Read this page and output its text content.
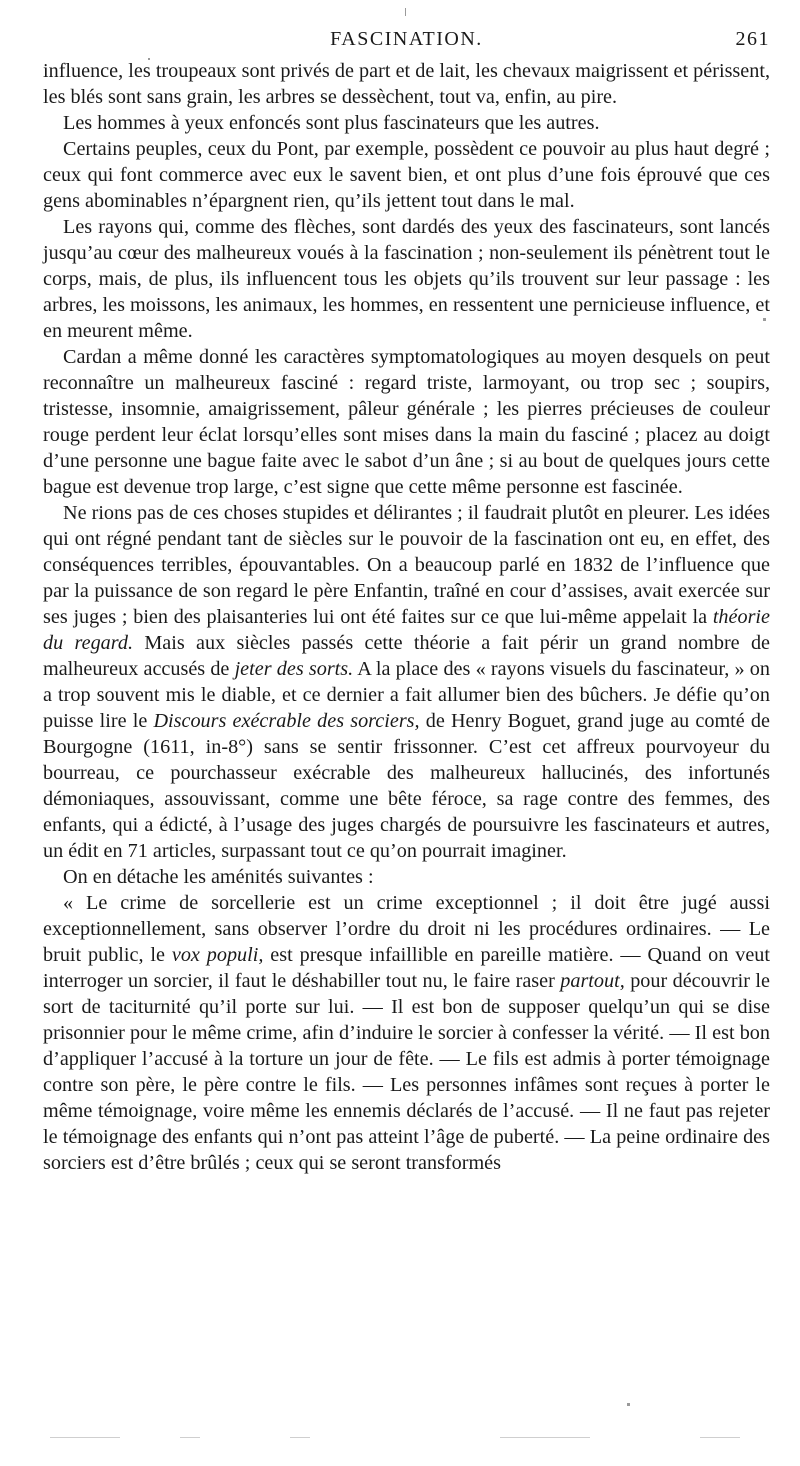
FASCINATION.	261

influence, les troupeaux sont privés de part et de lait, les chevaux maigrissent et périssent, les blés sont sans grain, les arbres se dessèchent, tout va, enfin, au pire.

Les hommes à yeux enfoncés sont plus fascinateurs que les autres.

Certains peuples, ceux du Pont, par exemple, possèdent ce pouvoir au plus haut degré ; ceux qui font commerce avec eux le savent bien, et ont plus d’une fois éprouvé que ces gens abominables n’épargnent rien, qu’ils jettent tout dans le mal.

Les rayons qui, comme des flèches, sont dardés des yeux des fascinateurs, sont lancés jusqu’au cœur des malheureux voués à la fascination ; non-seulement ils pénètrent tout le corps, mais, de plus, ils influencent tous les objets qu’ils trouvent sur leur passage : les arbres, les moissons, les animaux, les hommes, en ressentent une pernicieuse influence, et en meurent même.

Cardan a même donné les caractères symptomatologiques au moyen desquels on peut reconnaître un malheureux fasciné : regard triste, larmoyant, ou trop sec ; soupirs, tristesse, insomnie, amaigrissement, pâleur générale ; les pierres précieuses de couleur rouge perdent leur éclat lorsqu’elles sont mises dans la main du fasciné ; placez au doigt d’une personne une bague faite avec le sabot d’un âne ; si au bout de quelques jours cette bague est devenue trop large, c’est signe que cette même personne est fascinée.

Ne rions pas de ces choses stupides et délirantes ; il faudrait plutôt en pleurer. Les idées qui ont régné pendant tant de siècles sur le pouvoir de la fascination ont eu, en effet, des conséquences terribles, épouvantables. On a beaucoup parlé en 1832 de l’influence que par la puissance de son regard le père Enfantin, traîné en cour d’assises, avait exercée sur ses juges ; bien des plaisanteries lui ont été faites sur ce que lui-même appelait la théorie du regard. Mais aux siècles passés cette théorie a fait périr un grand nombre de malheureux accusés de jeter des sorts. A la place des « rayons visuels du fascinateur, » on a trop souvent mis le diable, et ce dernier a fait allumer bien des bûchers. Je défie qu’on puisse lire le Discours exécrable des sorciers, de Henry Boguet, grand juge au comté de Bourgogne (1611, in-8°) sans se sentir frissonner. C’est cet affreux pourvoyeur du bourreau, ce pourchasseur exécrable des malheureux hallucinés, des infortunés démoniaques, assouvissant, comme une bête féroce, sa rage contre des femmes, des enfants, qui a édicté, à l’usage des juges chargés de poursuivre les fascinateurs et autres, un édit en 71 articles, surpassant tout ce qu’on pourrait imaginer.

On en détache les aménités suivantes :

« Le crime de sorcellerie est un crime exceptionnel ; il doit être jugé aussi exceptionnellement, sans observer l’ordre du droit ni les procédures ordinaires. — Le bruit public, le vox populi, est presque infaillible en pareille matière. — Quand on veut interroger un sorcier, il faut le déshabiller tout nu, le faire raser partout, pour découvrir le sort de taciturnité qu’il porte sur lui. — Il est bon de supposer quelqu’un qui se dise prisonnier pour le même crime, afin d’induire le sorcier à confesser la vérité. — Il est bon d’appliquer l’accusé à la torture un jour de fête. — Le fils est admis à porter témoignage contre son père, le père contre le fils. — Les personnes infâmes sont reçues à porter le même témoignage, voire même les ennemis déclarés de l’accusé. — Il ne faut pas rejeter le témoignage des enfants qui n’ont pas atteint l’âge de puberté. — La peine ordinaire des sorciers est d’être brûlés ; ceux qui se seront transformés
